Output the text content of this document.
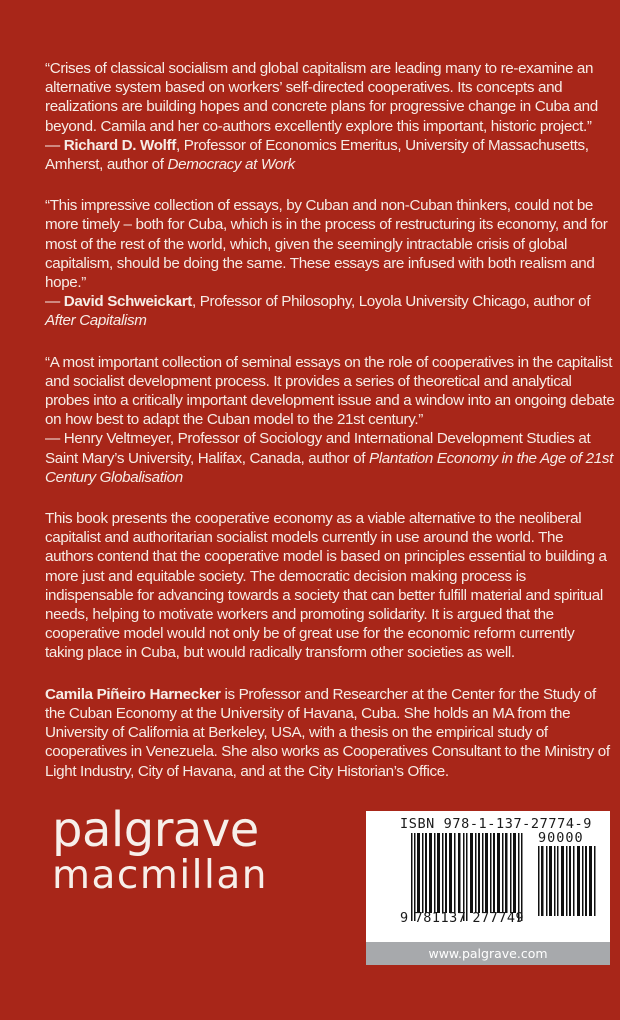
“Crises of classical socialism and global capitalism are leading many to re-examine an alternative system based on workers’ self-directed cooperatives. Its concepts and realizations are building hopes and concrete plans for progressive change in Cuba and beyond. Camila and her co-authors excellently explore this important, historic project.”
— Richard D. Wolff, Professor of Economics Emeritus, University of Massachusetts, Amherst, author of Democracy at Work

“This impressive collection of essays, by Cuban and non-Cuban thinkers, could not be more timely – both for Cuba, which is in the process of restructuring its economy, and for most of the rest of the world, which, given the seemingly intractable crisis of global capitalism, should be doing the same. These essays are infused with both realism and hope.”
— David Schweickart, Professor of Philosophy, Loyola University Chicago, author of
After Capitalism

“A most important collection of seminal essays on the role of cooperatives in the capitalist and socialist development process. It provides a series of theoretical and analytical probes into a critically important development issue and a window into an ongoing debate on how best to adapt the Cuban model to the 21st century.”
— Henry Veltmeyer, Professor of Sociology and International Development Studies at Saint Mary’s University, Halifax, Canada, author of Plantation Economy in the Age of 21st Century Globalisation

This book presents the cooperative economy as a viable alternative to the neoliberal capitalist and authoritarian socialist models currently in use around the world. The authors contend that the cooperative model is based on principles essential to building a more just and equitable society. The democratic decision making process is indispensable for advancing towards a society that can better fulfill material and spiritual needs, helping to motivate workers and promoting solidarity. It is argued that the cooperative model would not only be of great use for the economic reform currently taking place in Cuba, but would radically transform other societies as well.

Camila Piñeiro Harnecker is Professor and Researcher at the Center for the Study of the Cuban Economy at the University of Havana, Cuba. She holds an MA from the University of California at Berkeley, USA, with a thesis on the empirical study of cooperatives in Venezuela. She also works as Cooperatives Consultant to the Ministry of Light Industry, City of Havana, and at the City Historian’s Office.

palgrave
macmillan
ISBN 978-1-137-27774-9
90000
9 781137 277749
www.palgrave.com
